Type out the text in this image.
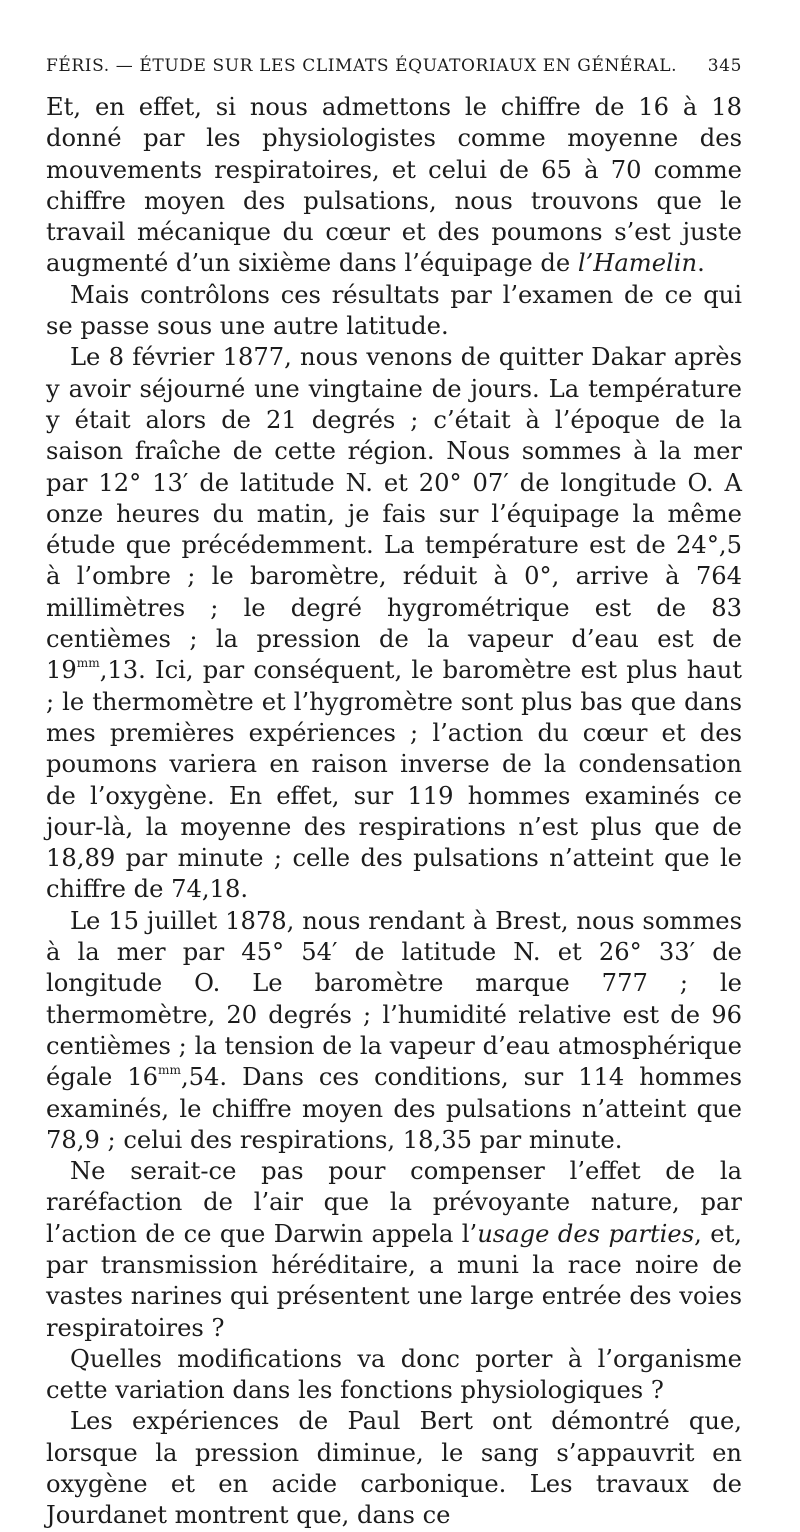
FÉRIS. — ÉTUDE SUR LES CLIMATS ÉQUATORIAUX EN GÉNÉRAL. 345

Et, en effet, si nous admettons le chiffre de 16 à 18 donné par les physiologistes comme moyenne des mouvements respiratoires, et celui de 65 à 70 comme chiffre moyen des pulsations, nous trouvons que le travail mécanique du cœur et des poumons s’est juste augmenté d’un sixième dans l’équipage de l’Hamelin.

Mais contrôlons ces résultats par l’examen de ce qui se passe sous une autre latitude.

Le 8 février 1877, nous venons de quitter Dakar après y avoir séjourné une vingtaine de jours. La température y était alors de 21 degrés ; c’était à l’époque de la saison fraîche de cette région. Nous sommes à la mer par 12° 13′ de latitude N. et 20° 07′ de longitude O. A onze heures du matin, je fais sur l’équipage la même étude que précédemment. La température est de 24°,5 à l’ombre ; le baromètre, réduit à 0°, arrive à 764 millimètres ; le degré hygrométrique est de 83 centièmes ; la pression de la vapeur d’eau est de $19^{mm},13$. Ici, par conséquent, le baromètre est plus haut ; le thermomètre et l’hygromètre sont plus bas que dans mes premières expériences ; l’action du cœur et des poumons variera en raison inverse de la condensation de l’oxygène. En effet, sur 119 hommes examinés ce jour-là, la moyenne des respirations n’est plus que de 18,89 par minute ; celle des pulsations n’atteint que le chiffre de 74,18.

Le 15 juillet 1878, nous rendant à Brest, nous sommes à la mer par 45° 54′ de latitude N. et 26° 33′ de longitude O. Le baromètre marque 777 ; le thermomètre, 20 degrés ; l’humidité relative est de 96 centièmes ; la tension de la vapeur d’eau atmosphérique égale $16^{mm},54$. Dans ces conditions, sur 114 hommes examinés, le chiffre moyen des pulsations n’atteint que 78,9 ; celui des respirations, 18,35 par minute.

Ne serait-ce pas pour compenser l’effet de la raréfaction de l’air que la prévoyante nature, par l’action de ce que Darwin appela l’usage des parties, et, par transmission héréditaire, a muni la race noire de vastes narines qui présentent une large entrée des voies respiratoires ?

Quelles modifications va donc porter à l’organisme cette variation dans les fonctions physiologiques ?

Les expériences de Paul Bert ont démontré que, lorsque la pression diminue, le sang s’appauvrit en oxygène et en acide carbonique. Les travaux de Jourdanet montrent que, dans ce
